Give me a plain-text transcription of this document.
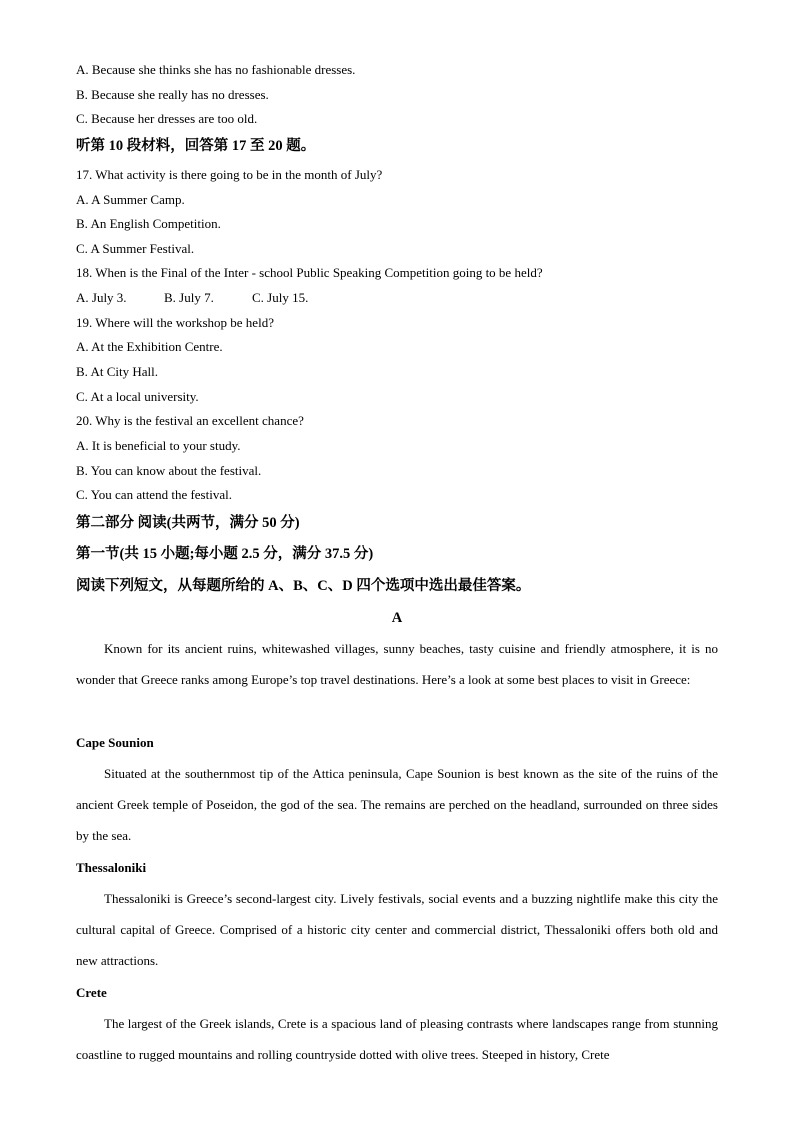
A. Because she thinks she has no fashionable dresses.
B. Because she really has no dresses.
C. Because her dresses are too old.
听第 10 段材料，回答第 17 至 20 题。
17. What activity is there going to be in the month of July?
A. A Summer Camp.
B. An English Competition.
C. A Summer Festival.
18. When is the Final of the Inter - school Public Speaking Competition going to be held?
A. July 3.	B. July 7.	C. July 15.
19. Where will the workshop be held?
A. At the Exhibition Centre.
B. At City Hall.
C. At a local university.
20. Why is the festival an excellent chance?
A. It is beneficial to your study.
B. You can know about the festival.
C. You can attend the festival.
第二部分 阅读(共两节，满分 50 分)
第一节(共 15 小题;每小题 2.5 分，满分 37.5 分)
阅读下列短文，从每题所给的 A、B、C、D 四个选项中选出最佳答案。
A

Known for its ancient ruins, whitewashed villages, sunny beaches, tasty cuisine and friendly atmosphere, it is no wonder that Greece ranks among Europe’s top travel destinations. Here’s a look at some best places to visit in Greece:

Cape Sounion

Situated at the southernmost tip of the Attica peninsula, Cape Sounion is best known as the site of the ruins of the ancient Greek temple of Poseidon, the god of the sea. The remains are perched on the headland, surrounded on three sides by the sea.

Thessaloniki

Thessaloniki is Greece’s second-largest city. Lively festivals, social events and a buzzing nightlife make this city the cultural capital of Greece. Comprised of a historic city center and commercial district, Thessaloniki offers both old and new attractions.

Crete

The largest of the Greek islands, Crete is a spacious land of pleasing contrasts where landscapes range from stunning coastline to rugged mountains and rolling countryside dotted with olive trees. Steeped in history, Crete
